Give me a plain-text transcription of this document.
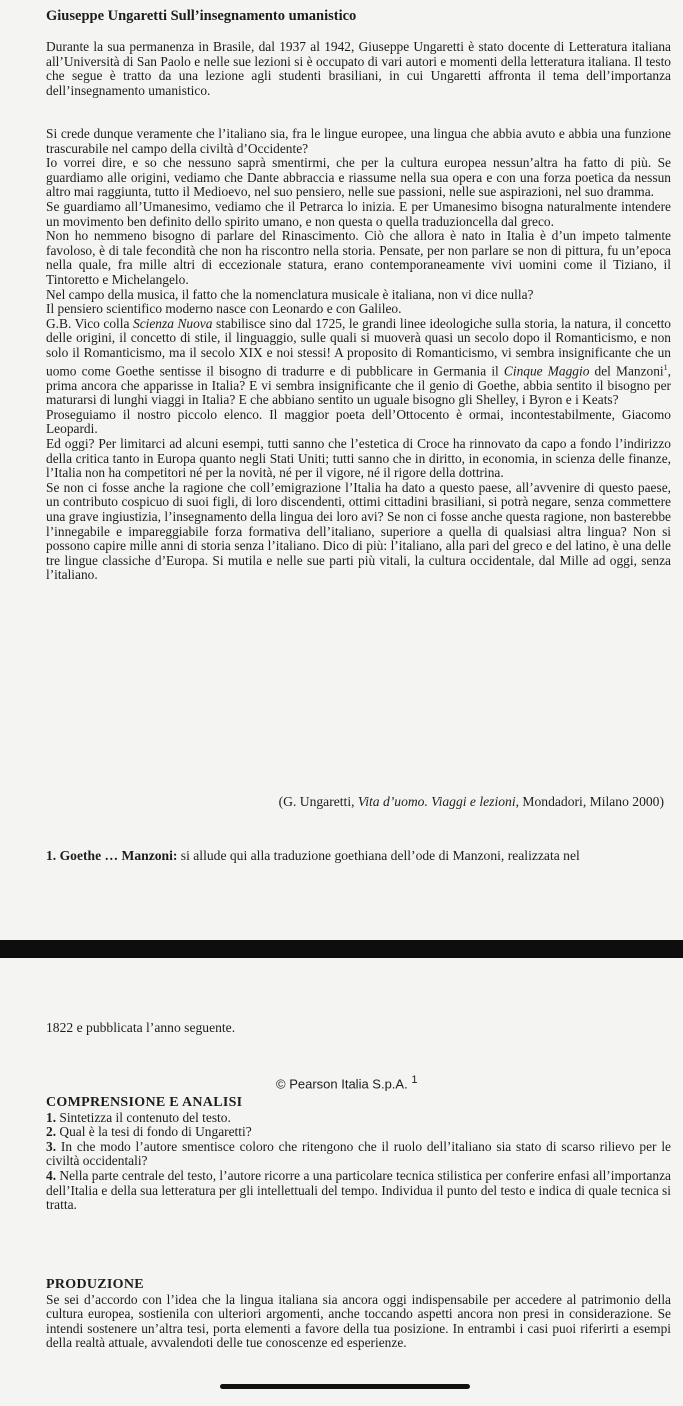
Giuseppe Ungaretti Sull’insegnamento umanistico

Durante la sua permanenza in Brasile, dal 1937 al 1942, Giuseppe Ungaretti è stato docente di Letteratura italiana all’Università di San Paolo e nelle sue lezioni si è occupato di vari autori e momenti della letteratura italiana. Il testo che segue è tratto da una lezione agli studenti brasiliani, in cui Ungaretti affronta il tema dell’importanza dell’insegnamento umanistico.

Si crede dunque veramente che l’italiano sia, fra le lingue europee, una lingua che abbia avuto e abbia una funzione trascurabile nel campo della civiltà d’Occidente?

Io vorrei dire, e so che nessuno saprà smentirmi, che per la cultura europea nessun’altra ha fatto di più. Se guardiamo alle origini, vediamo che Dante abbraccia e riassume nella sua opera e con una forza poetica da nessun altro mai raggiunta, tutto il Medioevo, nel suo pensiero, nelle sue passioni, nelle sue aspirazioni, nel suo dramma.

Se guardiamo all’Umanesimo, vediamo che il Petrarca lo inizia. E per Umanesimo bisogna naturalmente intendere un movimento ben definito dello spirito umano, e non questa o quella traduzioncella dal greco.

Non ho nemmeno bisogno di parlare del Rinascimento. Ciò che allora è nato in Italia è d’un impeto talmente favoloso, è di tale fecondità che non ha riscontro nella storia. Pensate, per non parlare se non di pittura, fu un’epoca nella quale, fra mille altri di eccezionale statura, erano contemporaneamente vivi uomini come il Tiziano, il Tintoretto e Michelangelo.

Nel campo della musica, il fatto che la nomenclatura musicale è italiana, non vi dice nulla?

Il pensiero scientifico moderno nasce con Leonardo e con Galileo.

G.B. Vico colla Scienza Nuova stabilisce sino dal 1725, le grandi linee ideologiche sulla storia, la natura, il concetto delle origini, il concetto di stile, il linguaggio, sulle quali si muoverà quasi un secolo dopo il Romanticismo, e non solo il Romanticismo, ma il secolo XIX e noi stessi! A proposito di Romanticismo, vi sembra insignificante che un uomo come Goethe sentisse il bisogno di tradurre e di pubblicare in Germania il Cinque Maggio del Manzoni$^1$, prima ancora che apparisse in Italia? E vi sembra insignificante che il genio di Goethe, abbia sentito il bisogno per maturarsi di lunghi viaggi in Italia? E che abbiano sentito un uguale bisogno gli Shelley, i Byron e i Keats?

Proseguiamo il nostro piccolo elenco. Il maggior poeta dell’Ottocento è ormai, incontestabilmente, Giacomo Leopardi.

Ed oggi? Per limitarci ad alcuni esempi, tutti sanno che l’estetica di Croce ha rinnovato da capo a fondo l’indirizzo della critica tanto in Europa quanto negli Stati Uniti; tutti sanno che in diritto, in economia, in scienza delle finanze, l’Italia non ha competitori né per la novità, né per il vigore, né il rigore della dottrina.

Se non ci fosse anche la ragione che coll’emigrazione l’Italia ha dato a questo paese, all’avvenire di questo paese, un contributo cospicuo di suoi figli, di loro discendenti, ottimi cittadini brasiliani, si potrà negare, senza commettere una grave ingiustizia, l’insegnamento della lingua dei loro avi? Se non ci fosse anche questa ragione, non basterebbe l’innegabile e impareggiabile forza formativa dell’italiano, superiore a quella di qualsiasi altra lingua? Non si possono capire mille anni di storia senza l’italiano. Dico di più: l’italiano, alla pari del greco e del latino, è una delle tre lingue classiche d’Europa. Si mutila e nelle sue parti più vitali, la cultura occidentale, dal Mille ad oggi, senza l’italiano.

(G. Ungaretti, Vita d’uomo. Viaggi e lezioni, Mondadori, Milano 2000)
1. Goethe … Manzoni: si allude qui alla traduzione goethiana dell’ode di Manzoni, realizzata nel
1822 e pubblicata l’anno seguente.
© Pearson Italia S.p.A. $^1$
COMPRENSIONE E ANALISI
1. Sintetizza il contenuto del testo.
2. Qual è la tesi di fondo di Ungaretti?
3. In che modo l’autore smentisce coloro che ritengono che il ruolo dell’italiano sia stato di scarso rilievo per le civiltà occidentali?
4. Nella parte centrale del testo, l’autore ricorre a una particolare tecnica stilistica per conferire enfasi all’importanza dell’Italia e della sua letteratura per gli intellettuali del tempo. Individua il punto del testo e indica di quale tecnica si tratta.
PRODUZIONE
Se sei d’accordo con l’idea che la lingua italiana sia ancora oggi indispensabile per accedere al patrimonio della cultura europea, sostienila con ulteriori argomenti, anche toccando aspetti ancora non presi in considerazione. Se intendi sostenere un’altra tesi, porta elementi a favore della tua posizione. In entrambi i casi puoi riferirti a esempi della realtà attuale, avvalendoti delle tue conoscenze ed esperienze.
